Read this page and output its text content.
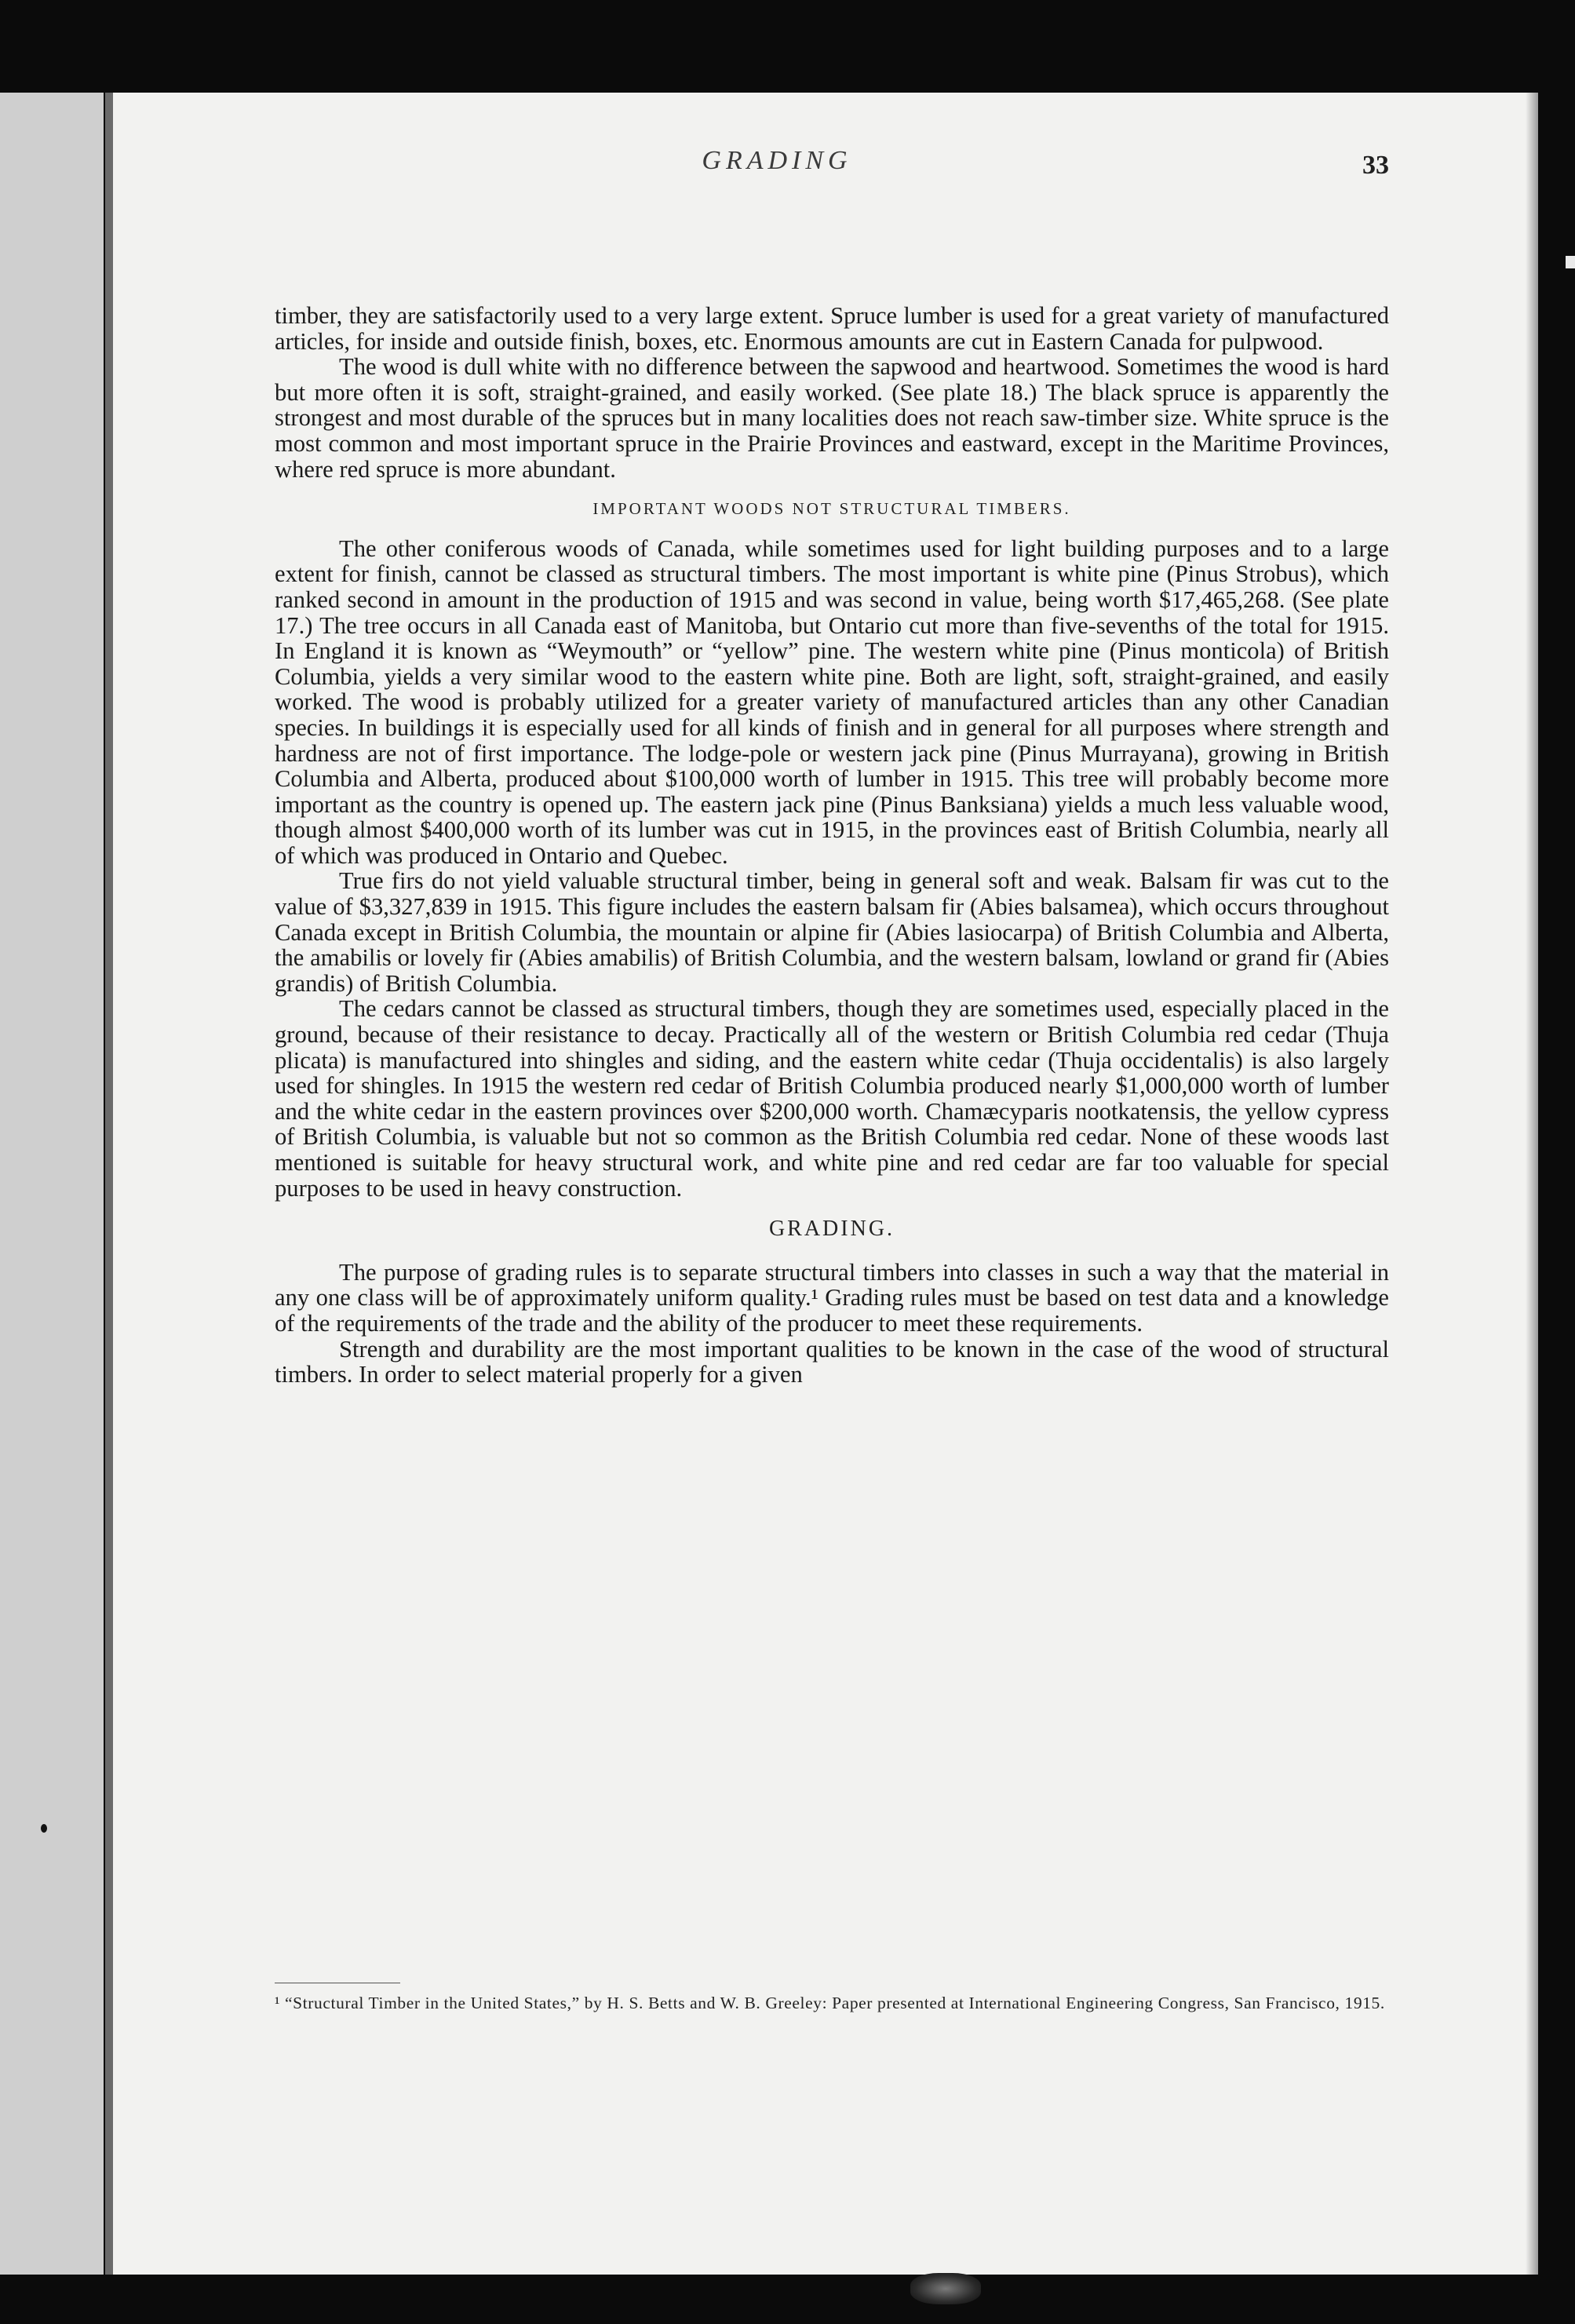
GRADING	33

timber, they are satisfactorily used to a very large extent. Spruce lumber is used for a great variety of manufactured articles, for inside and outside finish, boxes, etc. Enormous amounts are cut in Eastern Canada for pulpwood.

The wood is dull white with no difference between the sapwood and heartwood. Sometimes the wood is hard but more often it is soft, straight-grained, and easily worked. (See plate 18.) The black spruce is apparently the strongest and most durable of the spruces but in many localities does not reach saw-timber size. White spruce is the most common and most important spruce in the Prairie Provinces and eastward, except in the Maritime Provinces, where red spruce is more abundant.

IMPORTANT WOODS NOT STRUCTURAL TIMBERS.

The other coniferous woods of Canada, while sometimes used for light building purposes and to a large extent for finish, cannot be classed as structural timbers. The most important is white pine (Pinus Strobus), which ranked second in amount in the production of 1915 and was second in value, being worth $17,465,268. (See plate 17.) The tree occurs in all Canada east of Manitoba, but Ontario cut more than five-sevenths of the total for 1915. In England it is known as “Weymouth” or “yellow” pine. The western white pine (Pinus monticola) of British Columbia, yields a very similar wood to the eastern white pine. Both are light, soft, straight-grained, and easily worked. The wood is probably utilized for a greater variety of manufactured articles than any other Canadian species. In buildings it is especially used for all kinds of finish and in general for all purposes where strength and hardness are not of first importance. The lodge-pole or western jack pine (Pinus Murrayana), growing in British Columbia and Alberta, produced about $100,000 worth of lumber in 1915. This tree will probably become more important as the country is opened up. The eastern jack pine (Pinus Banksiana) yields a much less valuable wood, though almost $400,000 worth of its lumber was cut in 1915, in the provinces east of British Columbia, nearly all of which was produced in Ontario and Quebec.

True firs do not yield valuable structural timber, being in general soft and weak. Balsam fir was cut to the value of $3,327,839 in 1915. This figure includes the eastern balsam fir (Abies balsamea), which occurs throughout Canada except in British Columbia, the mountain or alpine fir (Abies lasiocarpa) of British Columbia and Alberta, the amabilis or lovely fir (Abies amabilis) of British Columbia, and the western balsam, lowland or grand fir (Abies grandis) of British Columbia.

The cedars cannot be classed as structural timbers, though they are sometimes used, especially placed in the ground, because of their resistance to decay. Practically all of the western or British Columbia red cedar (Thuja plicata) is manufactured into shingles and siding, and the eastern white cedar (Thuja occidentalis) is also largely used for shingles. In 1915 the western red cedar of British Columbia produced nearly $1,000,000 worth of lumber and the white cedar in the eastern provinces over $200,000 worth. Chamæcyparis nootkatensis, the yellow cypress of British Columbia, is valuable but not so common as the British Columbia red cedar. None of these woods last mentioned is suitable for heavy structural work, and white pine and red cedar are far too valuable for special purposes to be used in heavy construction.

GRADING.

The purpose of grading rules is to separate structural timbers into classes in such a way that the material in any one class will be of approximately uniform quality.¹ Grading rules must be based on test data and a knowledge of the requirements of the trade and the ability of the producer to meet these requirements.

Strength and durability are the most important qualities to be known in the case of the wood of structural timbers. In order to select material properly for a given

¹ “Structural Timber in the United States,” by H. S. Betts and W. B. Greeley: Paper presented at International Engineering Congress, San Francisco, 1915.
